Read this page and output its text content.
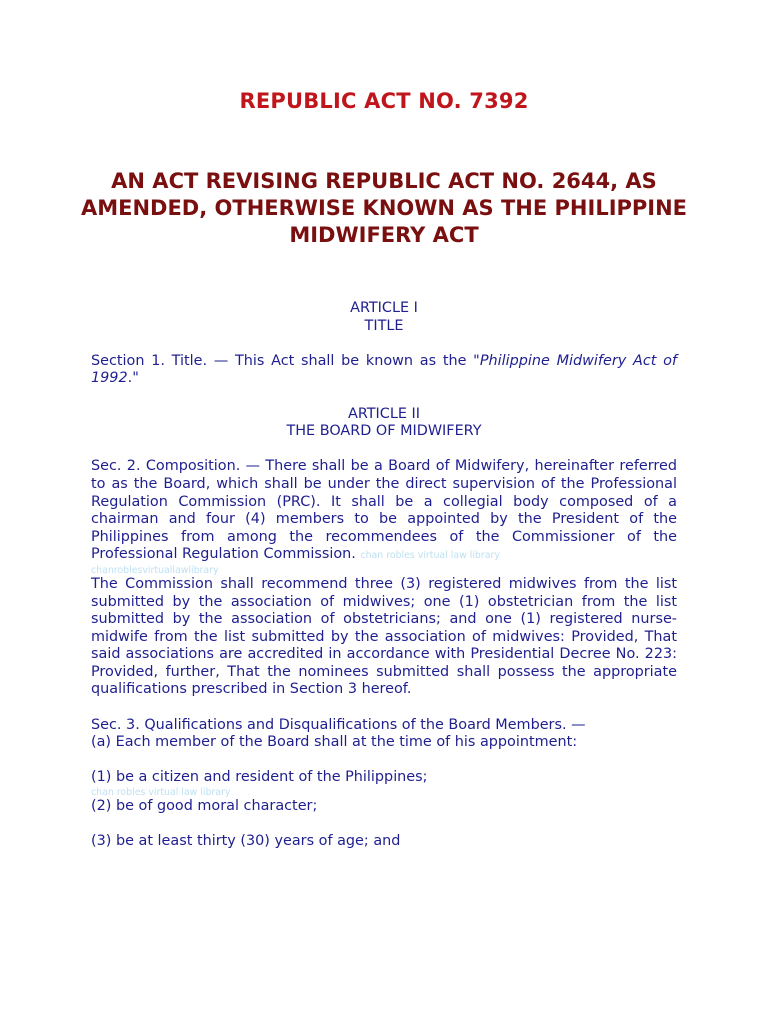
REPUBLIC ACT NO. 7392
AN ACT REVISING REPUBLIC ACT NO. 2644, AS AMENDED, OTHERWISE KNOWN AS THE PHILIPPINE MIDWIFERY ACT

ARTICLE I

TITLE

Section 1. Title. — This Act shall be known as the "Philippine Midwifery Act of 1992."

ARTICLE II

THE BOARD OF MIDWIFERY

Sec. 2. Composition. — There shall be a Board of Midwifery, hereinafter referred to as the Board, which shall be under the direct supervision of the Professional Regulation Commission (PRC). It shall be a collegial body composed of a chairman and four (4) members to be appointed by the President of the Philippines from among the recommendees of the Commissioner of the Professional Regulation Commission. chan robles virtual law library

chanroblesvirtuallawlibrary

The Commission shall recommend three (3) registered midwives from the list submitted by the association of midwives; one (1) obstetrician from the list submitted by the association of obstetricians; and one (1) registered nurse-midwife from the list submitted by the association of midwives: Provided, That said associations are accredited in accordance with Presidential Decree No. 223: Provided, further, That the nominees submitted shall possess the appropriate qualifications prescribed in Section 3 hereof.

Sec. 3. Qualifications and Disqualifications of the Board Members. —

(a) Each member of the Board shall at the time of his appointment:

(1) be a citizen and resident of the Philippines;

chan robles virtual law library

(2) be of good moral character;

(3) be at least thirty (30) years of age; and
